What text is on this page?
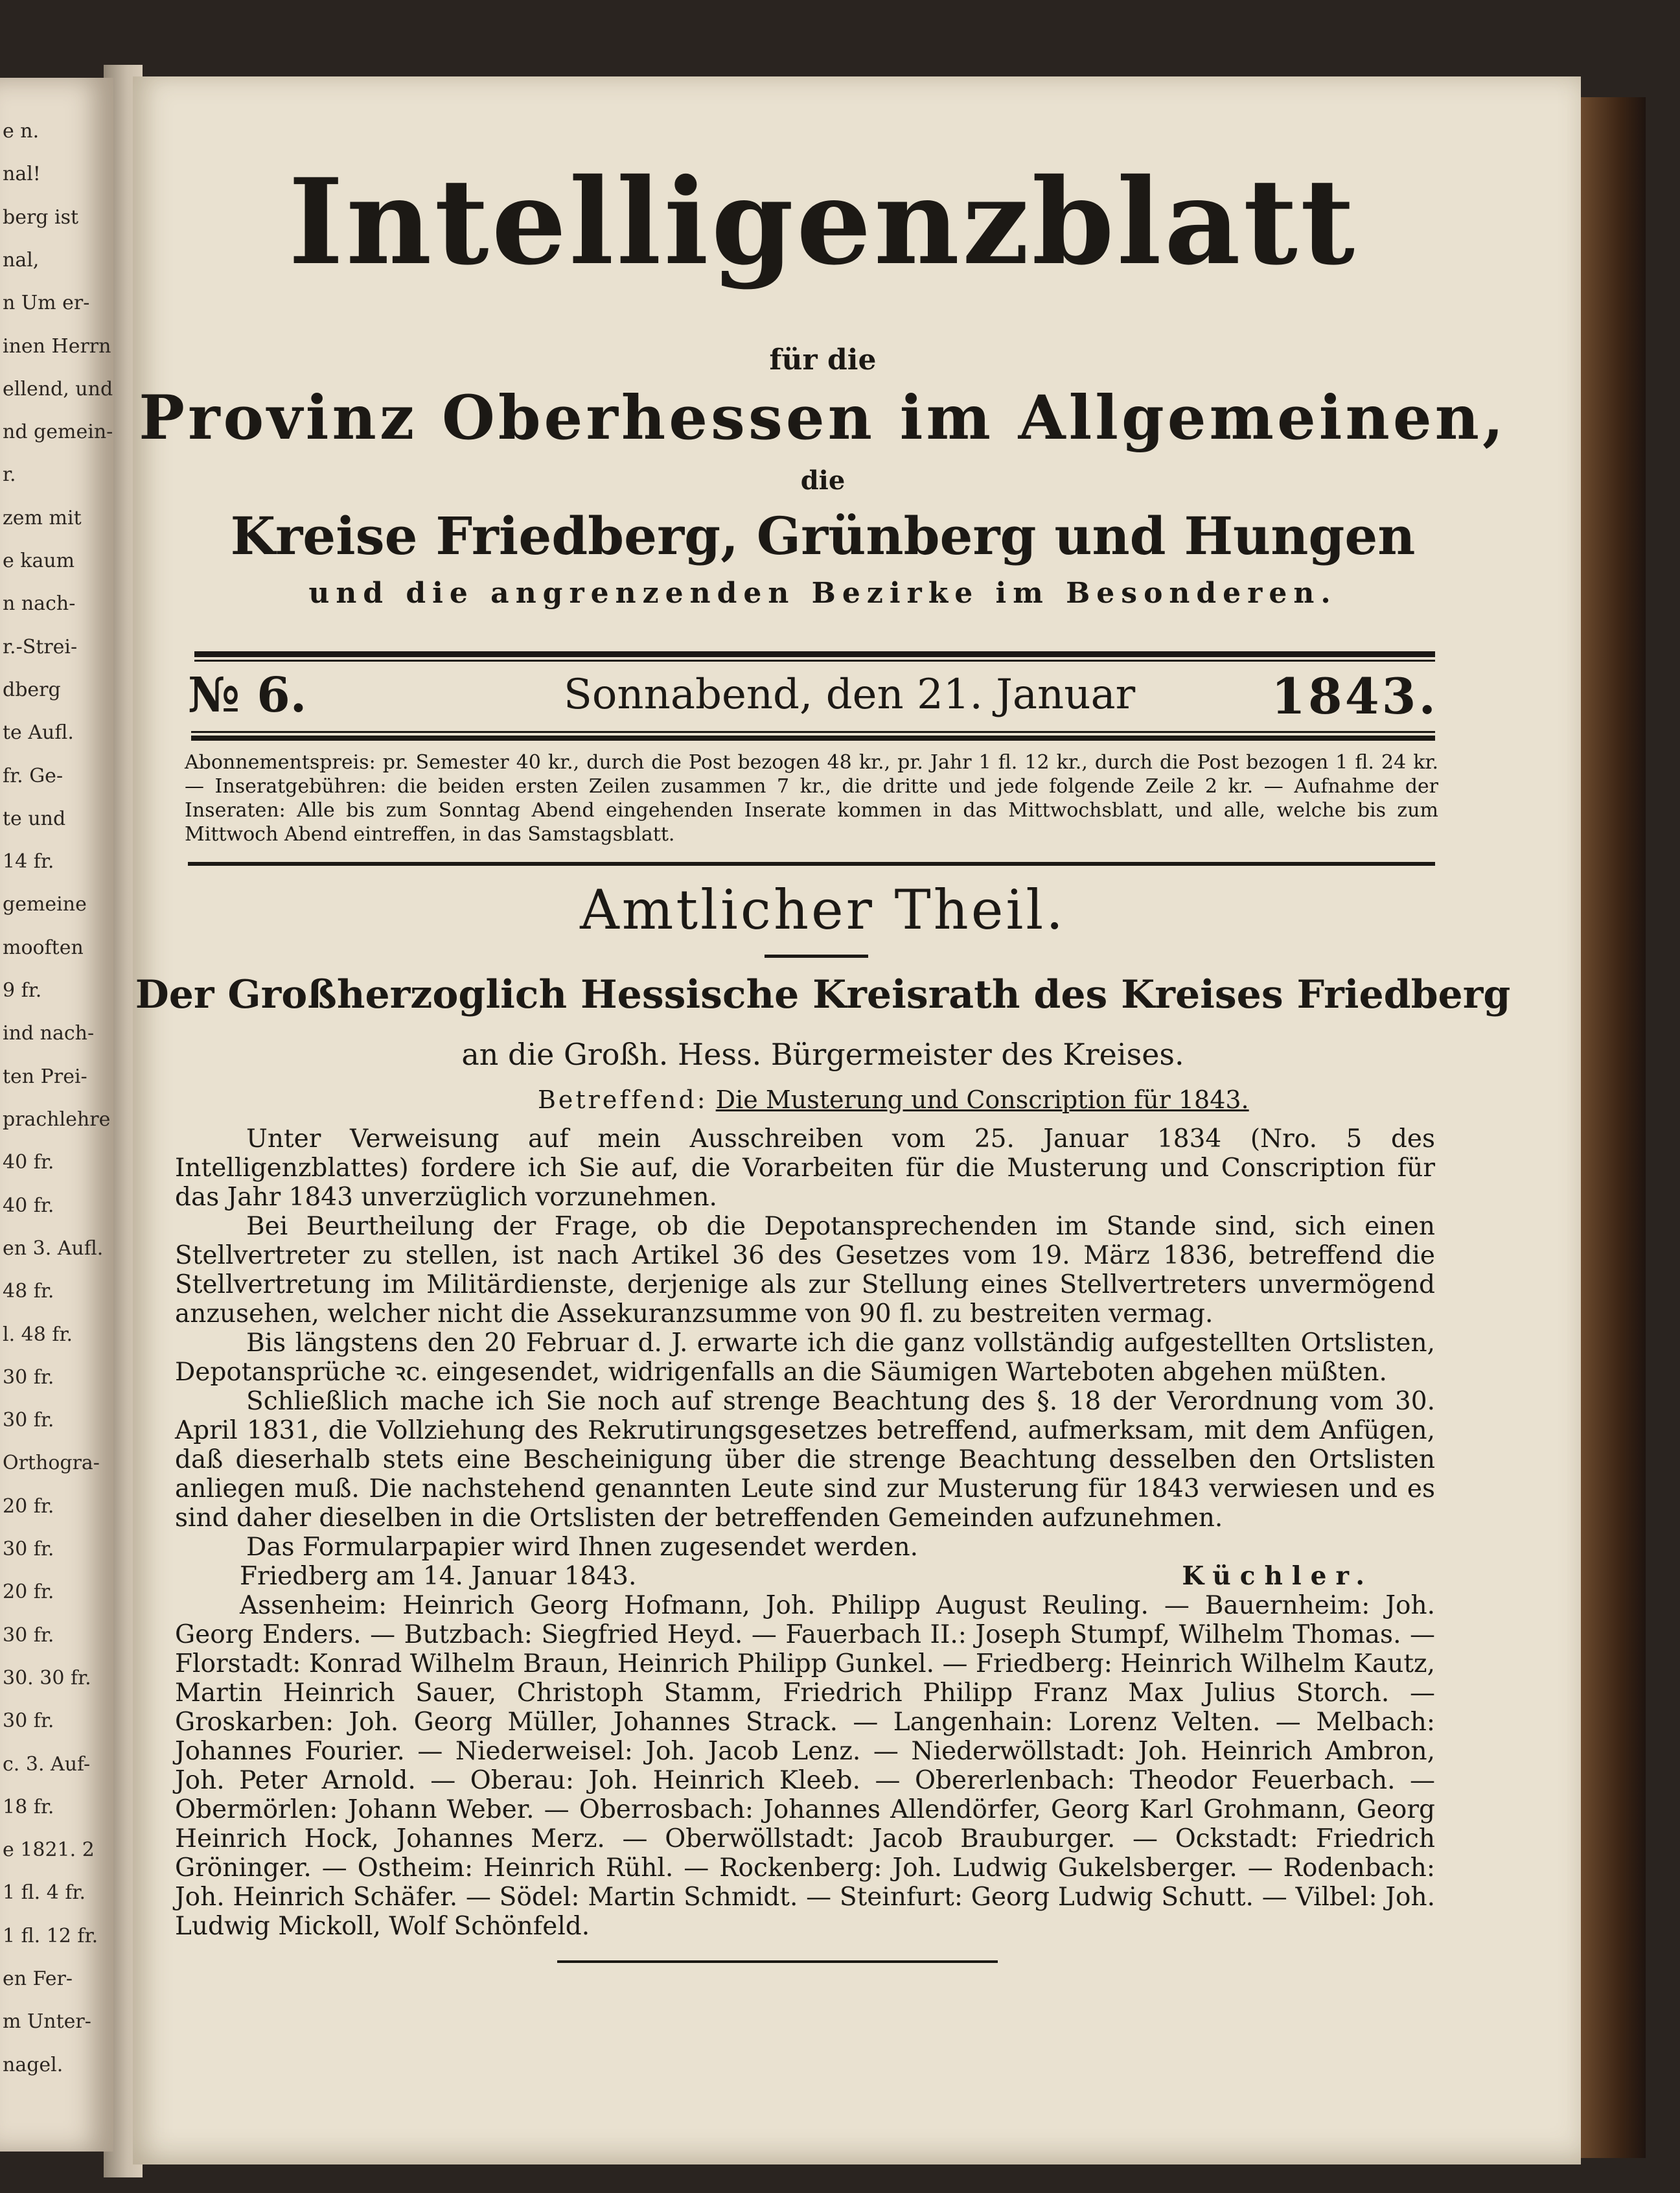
e n.
nal!
berg ist
nal,
n Um er-
inen Herrn
ellend, und
nd gemein-
r.
zem mit
e kaum
n nach-
r.-Strei-
dberg
te Aufl.
fr. Ge-
te und
14 fr.
gemeine
mooften
9 fr.
ind nach-
ten Prei-
prachlehre
40 fr.
40 fr.
en 3. Aufl.
48 fr.
l. 48 fr.
30 fr.
30 fr.
Orthogra-
20 fr.
30 fr.
20 fr.
30 fr.
30. 30 fr.
30 fr.
c. 3. Auf-
18 fr.
e 1821. 2
1 fl. 4 fr.
1 fl. 12 fr.
en Fer-
m Unter-
nagel.
Intelligenzblatt
für die
Provinz Oberhessen im Allgemeinen,
die
Kreise Friedberg, Grünberg und Hungen
und die angrenzenden Bezirke im Besonderen.
№ 6.	Sonnabend, den 21. Januar	1843.
Abonnementspreis: pr. Semester 40 kr., durch die Post bezogen 48 kr., pr. Jahr 1 fl. 12 kr., durch die Post bezogen 1 fl. 24 kr. — Inseratgebühren: die beiden ersten Zeilen zusammen 7 kr., die dritte und jede folgende Zeile 2 kr. — Aufnahme der Inseraten: Alle bis zum Sonntag Abend eingehenden Inserate kommen in das Mittwochsblatt, und alle, welche bis zum Mittwoch Abend eintreffen, in das Samstagsblatt.
Amtlicher Theil.
Der Großherzoglich Hessische Kreisrath des Kreises Friedberg
an die Großh. Hess. Bürgermeister des Kreises.
Betreffend: Die Musterung und Conscription für 1843.

Unter Verweisung auf mein Ausschreiben vom 25. Januar 1834 (Nro. 5 des Intelligenzblattes) fordere ich Sie auf, die Vorarbeiten für die Musterung und Conscription für das Jahr 1843 unverzüglich vorzunehmen.

Bei Beurtheilung der Frage, ob die Depotansprechenden im Stande sind, sich einen Stellvertreter zu stellen, ist nach Artikel 36 des Gesetzes vom 19. März 1836, betreffend die Stellvertretung im Militärdienste, derjenige als zur Stellung eines Stellvertreters unvermögend anzusehen, welcher nicht die Assekuranzsumme von 90 fl. zu bestreiten vermag.

Bis längstens den 20 Februar d. J. erwarte ich die ganz vollständig aufgestellten Ortslisten, Depotansprüche ꝛc. eingesendet, widrigenfalls an die Säumigen Warteboten abgehen müßten.

Schließlich mache ich Sie noch auf strenge Beachtung des §. 18 der Verordnung vom 30. April 1831, die Vollziehung des Rekrutirungsgesetzes betreffend, aufmerksam, mit dem Anfügen, daß dieserhalb stets eine Bescheinigung über die strenge Beachtung desselben den Ortslisten anliegen muß. Die nachstehend genannten Leute sind zur Musterung für 1843 verwiesen und es sind daher dieselben in die Ortslisten der betreffenden Gemeinden aufzunehmen.

Das Formularpapier wird Ihnen zugesendet werden.

Friedberg am 14. Januar 1843.	Küchler.

Assenheim: Heinrich Georg Hofmann, Joh. Philipp August Reuling. — Bauernheim: Joh. Georg Enders. — Butzbach: Siegfried Heyd. — Fauerbach II.: Joseph Stumpf, Wilhelm Thomas. — Florstadt: Konrad Wilhelm Braun, Heinrich Philipp Gunkel. — Friedberg: Heinrich Wilhelm Kautz, Martin Heinrich Sauer, Christoph Stamm, Friedrich Philipp Franz Max Julius Storch. — Groskarben: Joh. Georg Müller, Johannes Strack. — Langenhain: Lorenz Velten. — Melbach: Johannes Fourier. — Niederweisel: Joh. Jacob Lenz. — Niederwöllstadt: Joh. Heinrich Ambron, Joh. Peter Arnold. — Oberau: Joh. Heinrich Kleeb. — Obererlenbach: Theodor Feuerbach. — Obermörlen: Johann Weber. — Oberrosbach: Johannes Allendörfer, Georg Karl Grohmann, Georg Heinrich Hock, Johannes Merz. — Oberwöllstadt: Jacob Brauburger. — Ockstadt: Friedrich Gröninger. — Ostheim: Heinrich Rühl. — Rockenberg: Joh. Ludwig Gukelsberger. — Rodenbach: Joh. Heinrich Schäfer. — Södel: Martin Schmidt. — Steinfurt: Georg Ludwig Schutt. — Vilbel: Joh. Ludwig Mickoll, Wolf Schönfeld.
